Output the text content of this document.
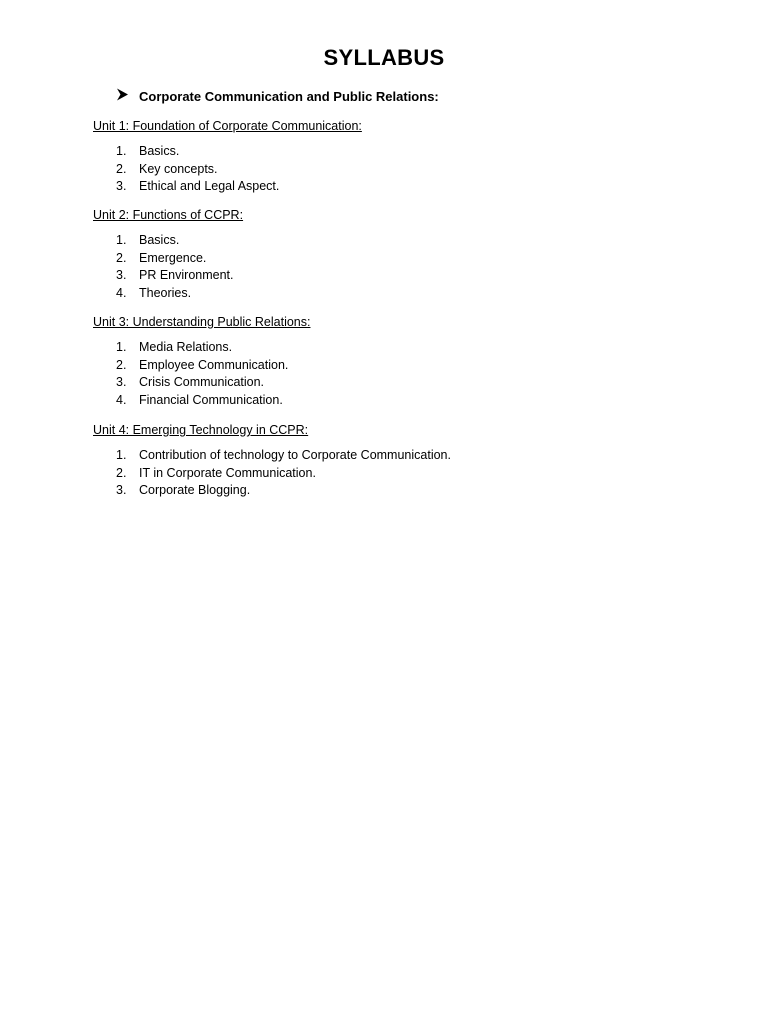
SYLLABUS
Corporate Communication and Public Relations:

Unit 1: Foundation of Corporate Communication:

1.	Basics.
2.	Key concepts.
3.	Ethical and Legal Aspect.

Unit 2: Functions of CCPR:

1.	Basics.
2.	Emergence.
3.	PR Environment.
4.	Theories.

Unit 3: Understanding Public Relations:

1.	Media Relations.
2.	Employee Communication.
3.	Crisis Communication.
4.	Financial Communication.

Unit 4: Emerging Technology in CCPR:

1.	Contribution of technology to Corporate Communication.
2.	IT in Corporate Communication.
3.	Corporate Blogging.
